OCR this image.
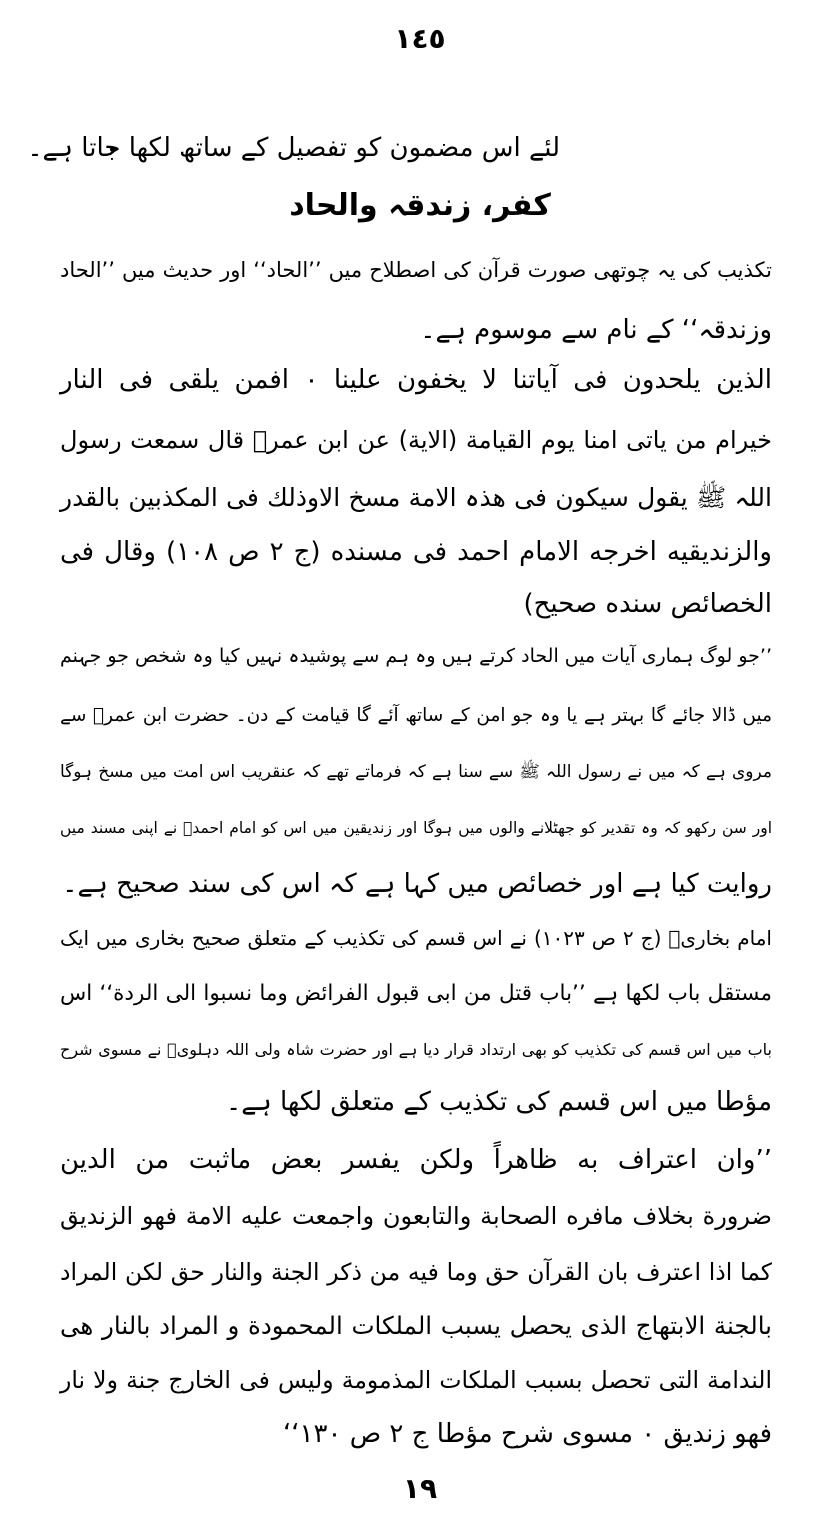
١٤٥
لئے اس مضمون کو تفصیل کے ساتھ لکھا جاتا ہے۔
کفر، زندقہ والحاد
تکذیب کی یہ چوتھی صورت قرآن کی اصطلاح میں ’’الحاد‘‘ اور حدیث میں ’’الحاد
وزندقہ‘‘ کے نام سے موسوم ہے۔
الذین یلحدون فی آیاتنا لا یخفون علینا ۰ افمن یلقی فی النار
خیرام من یاتی امنا یوم القیامة (الایة) عن ابن عمرؓ قال سمعت رسول
اللہ ﷺ یقول سیکون فی ھذہ الامة مسخ الاوذلك فی المکذبین بالقدر
والزندیقیه اخرجه الامام احمد فی مسنده (ج ٢ ص ١٠٨) وقال فی
الخصائص سنده صحیح)
’’جو لوگ ہماری آیات میں الحاد کرتے ہیں وہ ہم سے پوشیدہ نہیں کیا وہ شخص جو جہنم
میں ڈالا جائے گا بہتر ہے یا وہ جو امن کے ساتھ آئے گا قیامت کے دن۔ حضرت ابن عمرؓ سے
مروی ہے کہ میں نے رسول اللہ ﷺ سے سنا ہے کہ فرماتے تھے کہ عنقریب اس امت میں مسخ ہوگا
اور سن رکھو کہ وہ تقدیر کو جھٹلانے والوں میں ہوگا اور زندیقین میں اس کو امام احمدؒ نے اپنی مسند میں
روایت کیا ہے اور خصائص میں کہا ہے کہ اس کی سند صحیح ہے۔
امام بخاریؒ (ج ٢ ص ١٠٢٣) نے اس قسم کی تکذیب کے متعلق صحیح بخاری میں ایک
مستقل باب لکھا ہے ’’باب قتل من ابی قبول الفرائض وما نسبوا الی الردة‘‘ اس
باب میں اس قسم کی تکذیب کو بھی ارتداد قرار دیا ہے اور حضرت شاہ ولی اللہ دہلویؒ نے مسوی شرح
مؤطا میں اس قسم کی تکذیب کے متعلق لکھا ہے۔
’’وان اعتراف به ظاهراً ولکن یفسر بعض ماثبت من الدین
ضرورة بخلاف مافره الصحابة والتابعون واجمعت علیه الامة فهو الزندیق
کما اذا اعترف بان القرآن حق وما فیه من ذکر الجنة والنار حق لکن المراد
بالجنة الابتهاج الذی یحصل یسبب الملکات المحمودة و المراد بالنار هی
الندامة التی تحصل بسبب الملکات المذمومة ولیس فی الخارج جنة ولا نار
فهو زندیق ۰ مسوی شرح مؤطا ج ٢ ص ١٣٠‘‘
١٩
